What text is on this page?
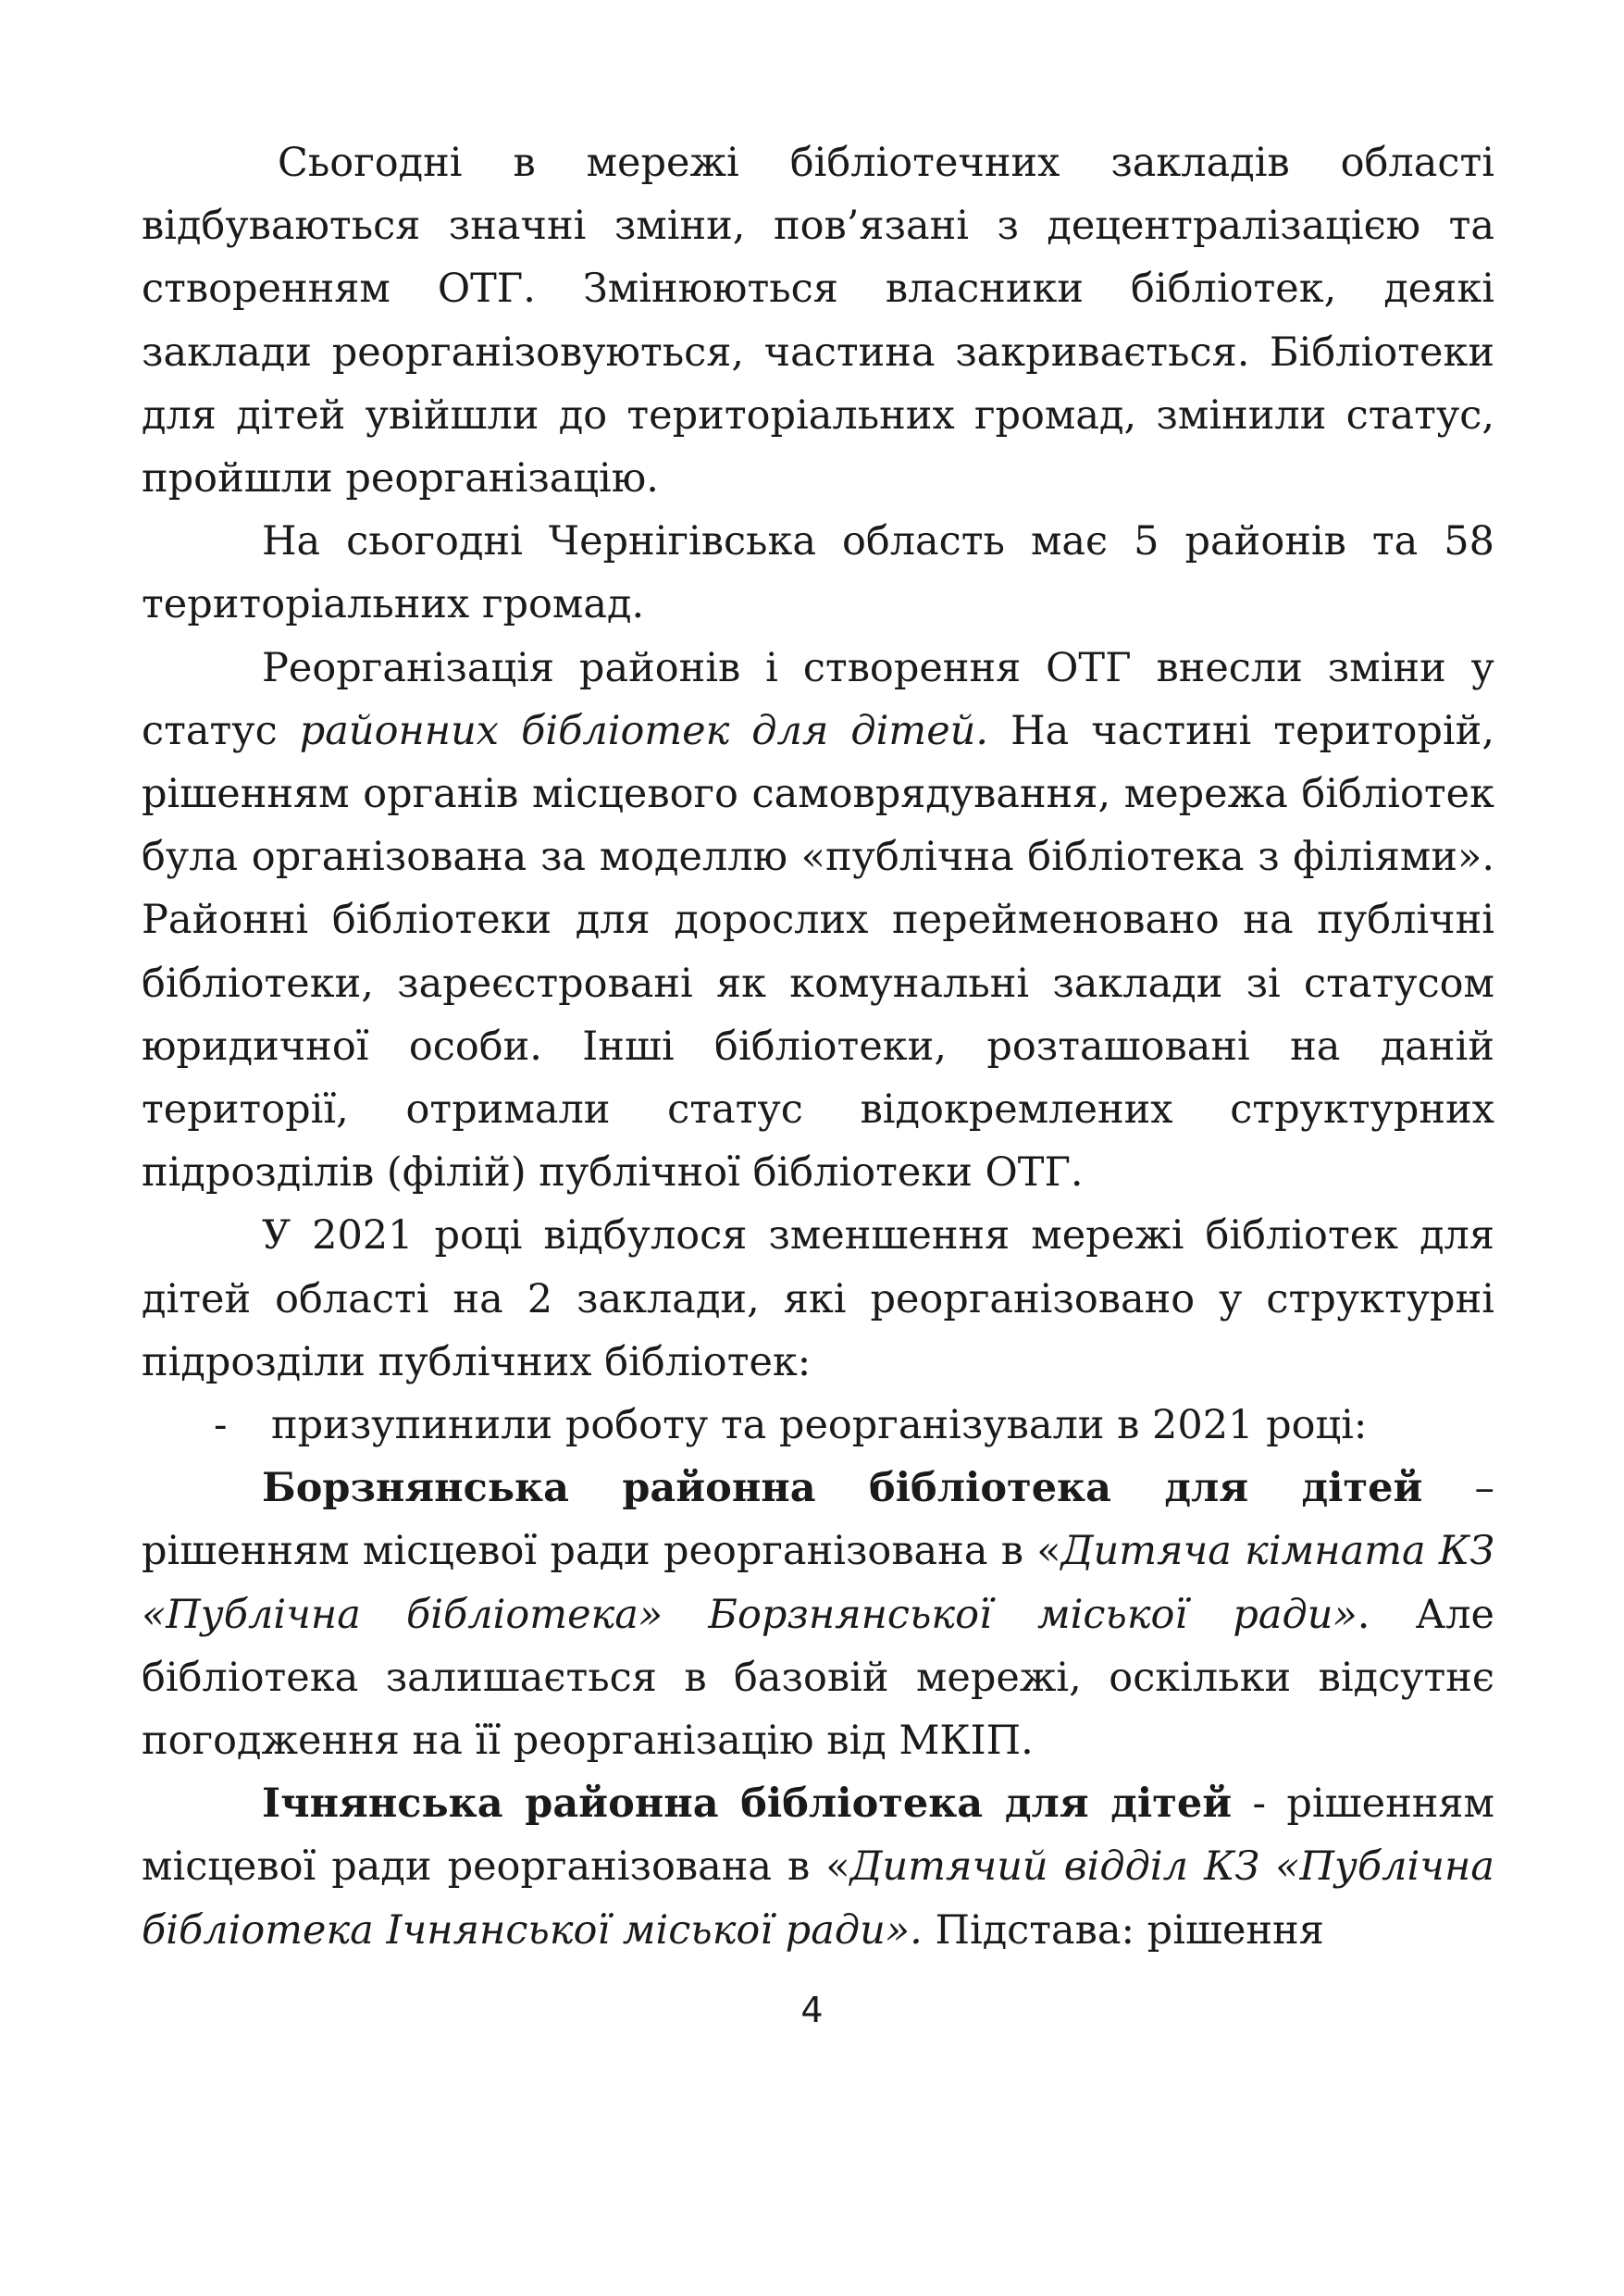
Сьогодні в мережі бібліотечних закладів області відбуваються значні зміни, пов’язані з децентралізацією та створенням ОТГ. Змінюються власники бібліотек, деякі заклади реорганізовуються, частина закривається. Бібліотеки для дітей увійшли до територіальних громад, змінили статус, пройшли реорганізацію.

На сьогодні Чернігівська область має 5 районів та 58 територіальних громад.

Реорганізація районів і створення ОТГ внесли зміни у статус районних бібліотек для дітей. На частині територій, рішенням органів місцевого самоврядування, мережа бібліотек була організована за моделлю «публічна бібліотека з філіями». Районні бібліотеки для дорослих перейменовано на публічні бібліотеки, зареєстровані як комунальні заклади зі статусом юридичної особи. Інші бібліотеки, розташовані на даній території, отримали статус відокремлених структурних підрозділів (філій) публічної бібліотеки ОТГ.

У 2021 році відбулося зменшення мережі бібліотек для дітей області на 2 заклади, які реорганізовано у структурні підрозділи публічних бібліотек:

- призупинили роботу та реорганізували в 2021 році:

Борзнянська районна бібліотека для дітей – рішенням місцевої ради реорганізована в «Дитяча кімната КЗ «Публічна бібліотека» Борзнянської міської ради». Але бібліотека залишається в базовій мережі, оскільки відсутнє погодження на її реорганізацію від МКІП.

Ічнянська районна бібліотека для дітей - рішенням місцевої ради реорганізована в «Дитячий відділ КЗ «Публічна бібліотека Ічнянської міської ради». Підстава: рішення

4
